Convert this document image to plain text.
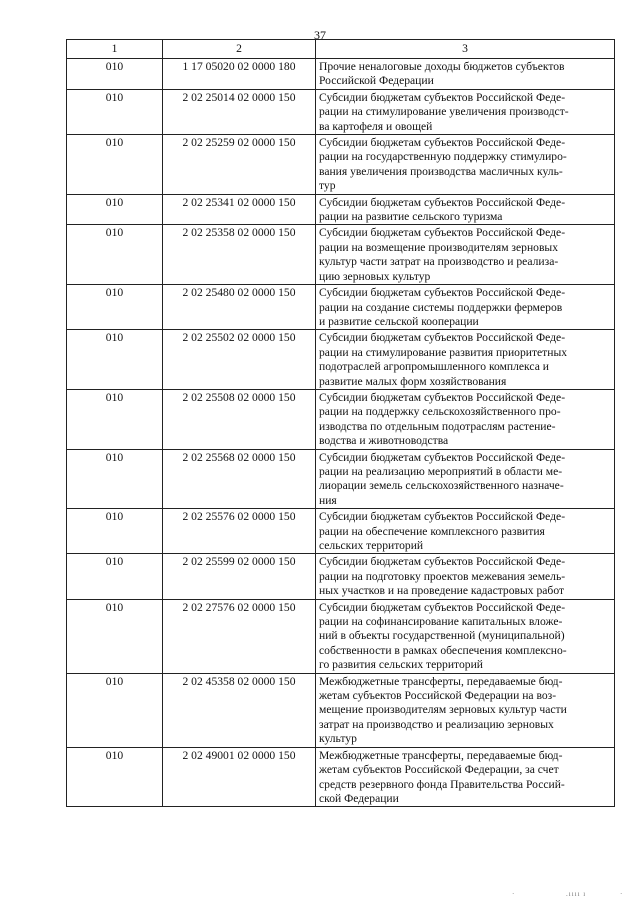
37
1	2	3
010	1 17 05020 02 0000 180	Прочие неналоговые доходы бюджетов субъектов
Российской Федерации

010	2 02 25014 02 0000 150	Субсидии бюджетам субъектов Российской Феде-
рации на стимулирование увеличения производст-
ва картофеля и овощей

010	2 02 25259 02 0000 150	Субсидии бюджетам субъектов Российской Феде-
рации на государственную поддержку стимулиро-
вания увеличения производства масличных куль-
тур

010	2 02 25341 02 0000 150	Субсидии бюджетам субъектов Российской Феде-
рации на развитие сельского туризма

010	2 02 25358 02 0000 150	Субсидии бюджетам субъектов Российской Феде-
рации на возмещение производителям зерновых
культур части затрат на производство и реализа-
цию зерновых культур

010	2 02 25480 02 0000 150	Субсидии бюджетам субъектов Российской Феде-
рации на создание системы поддержки фермеров
и развитие сельской кооперации

010	2 02 25502 02 0000 150	Субсидии бюджетам субъектов Российской Феде-
рации на стимулирование развития приоритетных
подотраслей агропромышленного комплекса и
развитие малых форм хозяйствования

010	2 02 25508 02 0000 150	Субсидии бюджетам субъектов Российской Феде-
рации на поддержку сельскохозяйственного про-
изводства по отдельным подотраслям растение-
водства и животноводства

010	2 02 25568 02 0000 150	Субсидии бюджетам субъектов Российской Феде-
рации на реализацию мероприятий в области ме-
лиорации земель сельскохозяйственного назначе-
ния

010	2 02 25576 02 0000 150	Субсидии бюджетам субъектов Российской Феде-
рации на обеспечение комплексного развития
сельских территорий

010	2 02 25599 02 0000 150	Субсидии бюджетам субъектов Российской Феде-
рации на подготовку проектов межевания земель-
ных участков и на проведение кадастровых работ

010	2 02 27576 02 0000 150	Субсидии бюджетам субъектов Российской Феде-
рации на софинансирование капитальных вложе-
ний в объекты государственной (муниципальной)
собственности в рамках обеспечения комплексно-
го развития сельских территорий

010	2 02 45358 02 0000 150	Межбюджетные трансферты, передаваемые бюд-
жетам субъектов Российской Федерации на воз-
мещение производителям зерновых культур части
затрат на производство и реализацию зерновых
культур

010	2 02 49001 02 0000 150	Межбюджетные трансферты, передаваемые бюд-
жетам субъектов Российской Федерации, за счет
средств резервного фонда Правительства Россий-
ской Федерации
·	.ıııı ı	·
